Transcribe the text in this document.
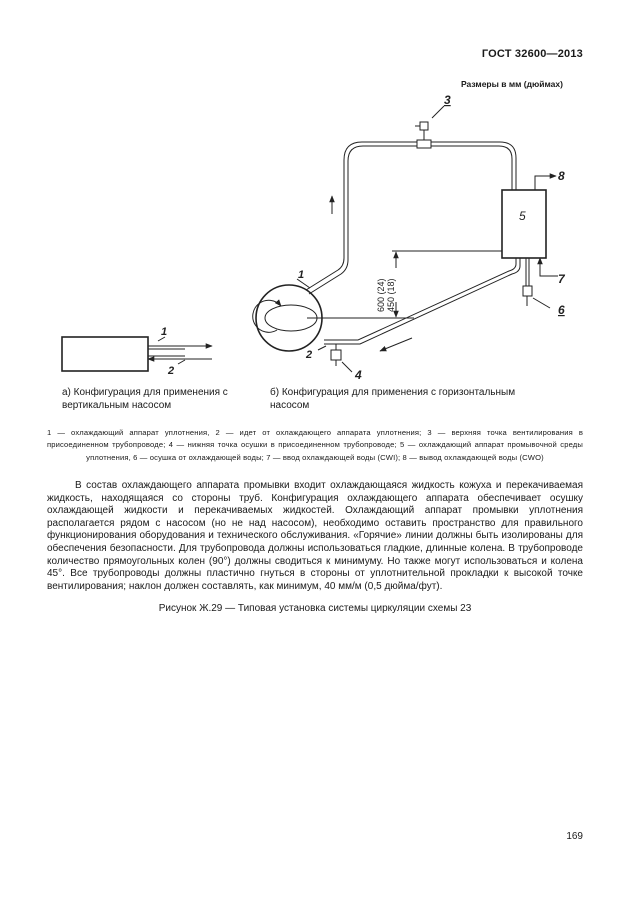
ГОСТ 32600—2013
Размеры в мм (дюймах)
600 (24) 450 (18)
1
2
1
2
3
4
5
6
7
8
а) Конфигурация для применения с вертикальным насосом
б) Конфигурация для применения с горизонтальным насосом
1 — охлаждающий аппарат уплотнения, 2 — идет от охлаждающего аппарата уплотнения; 3 — верхняя точка вентилирования в присоединенном трубопроводе; 4 — нижняя точка осушки в присоединенном трубопроводе; 5 — охлаждающий аппарат промывочной среды уплотнения, 6 — осушка от охлаждающей воды; 7 — ввод охлаждающей воды (CWI); 8 — вывод охлаждающей воды (CWO)
В состав охлаждающего аппарата промывки входит охлаждающаяся жидкость кожуха и перекачиваемая жидкость, находящаяся со стороны труб. Конфигурация охлаждающего аппарата обеспечивает осушку охлаждающей жидкости и перекачиваемых жидкостей. Охлаждающий аппарат промывки уплотнения располагается рядом с насосом (но не над насосом), необходимо оставить пространство для правильного функционирования оборудования и технического обслуживания. «Горячие» линии должны быть изолированы для обеспечения безопасности. Для трубопровода должны использоваться гладкие, длинные колена. В трубопроводе количество прямоугольных колен (90°) должны сводиться к минимуму. Но также могут использоваться и колена 45°. Все трубопроводы должны пластично гнуться в стороны от уплотнительной прокладки к высокой точке вентилирования; наклон должен составлять, как минимум, 40 мм/м (0,5 дюйма/фут).
Рисунок Ж.29 — Типовая установка системы циркуляции схемы 23
169
